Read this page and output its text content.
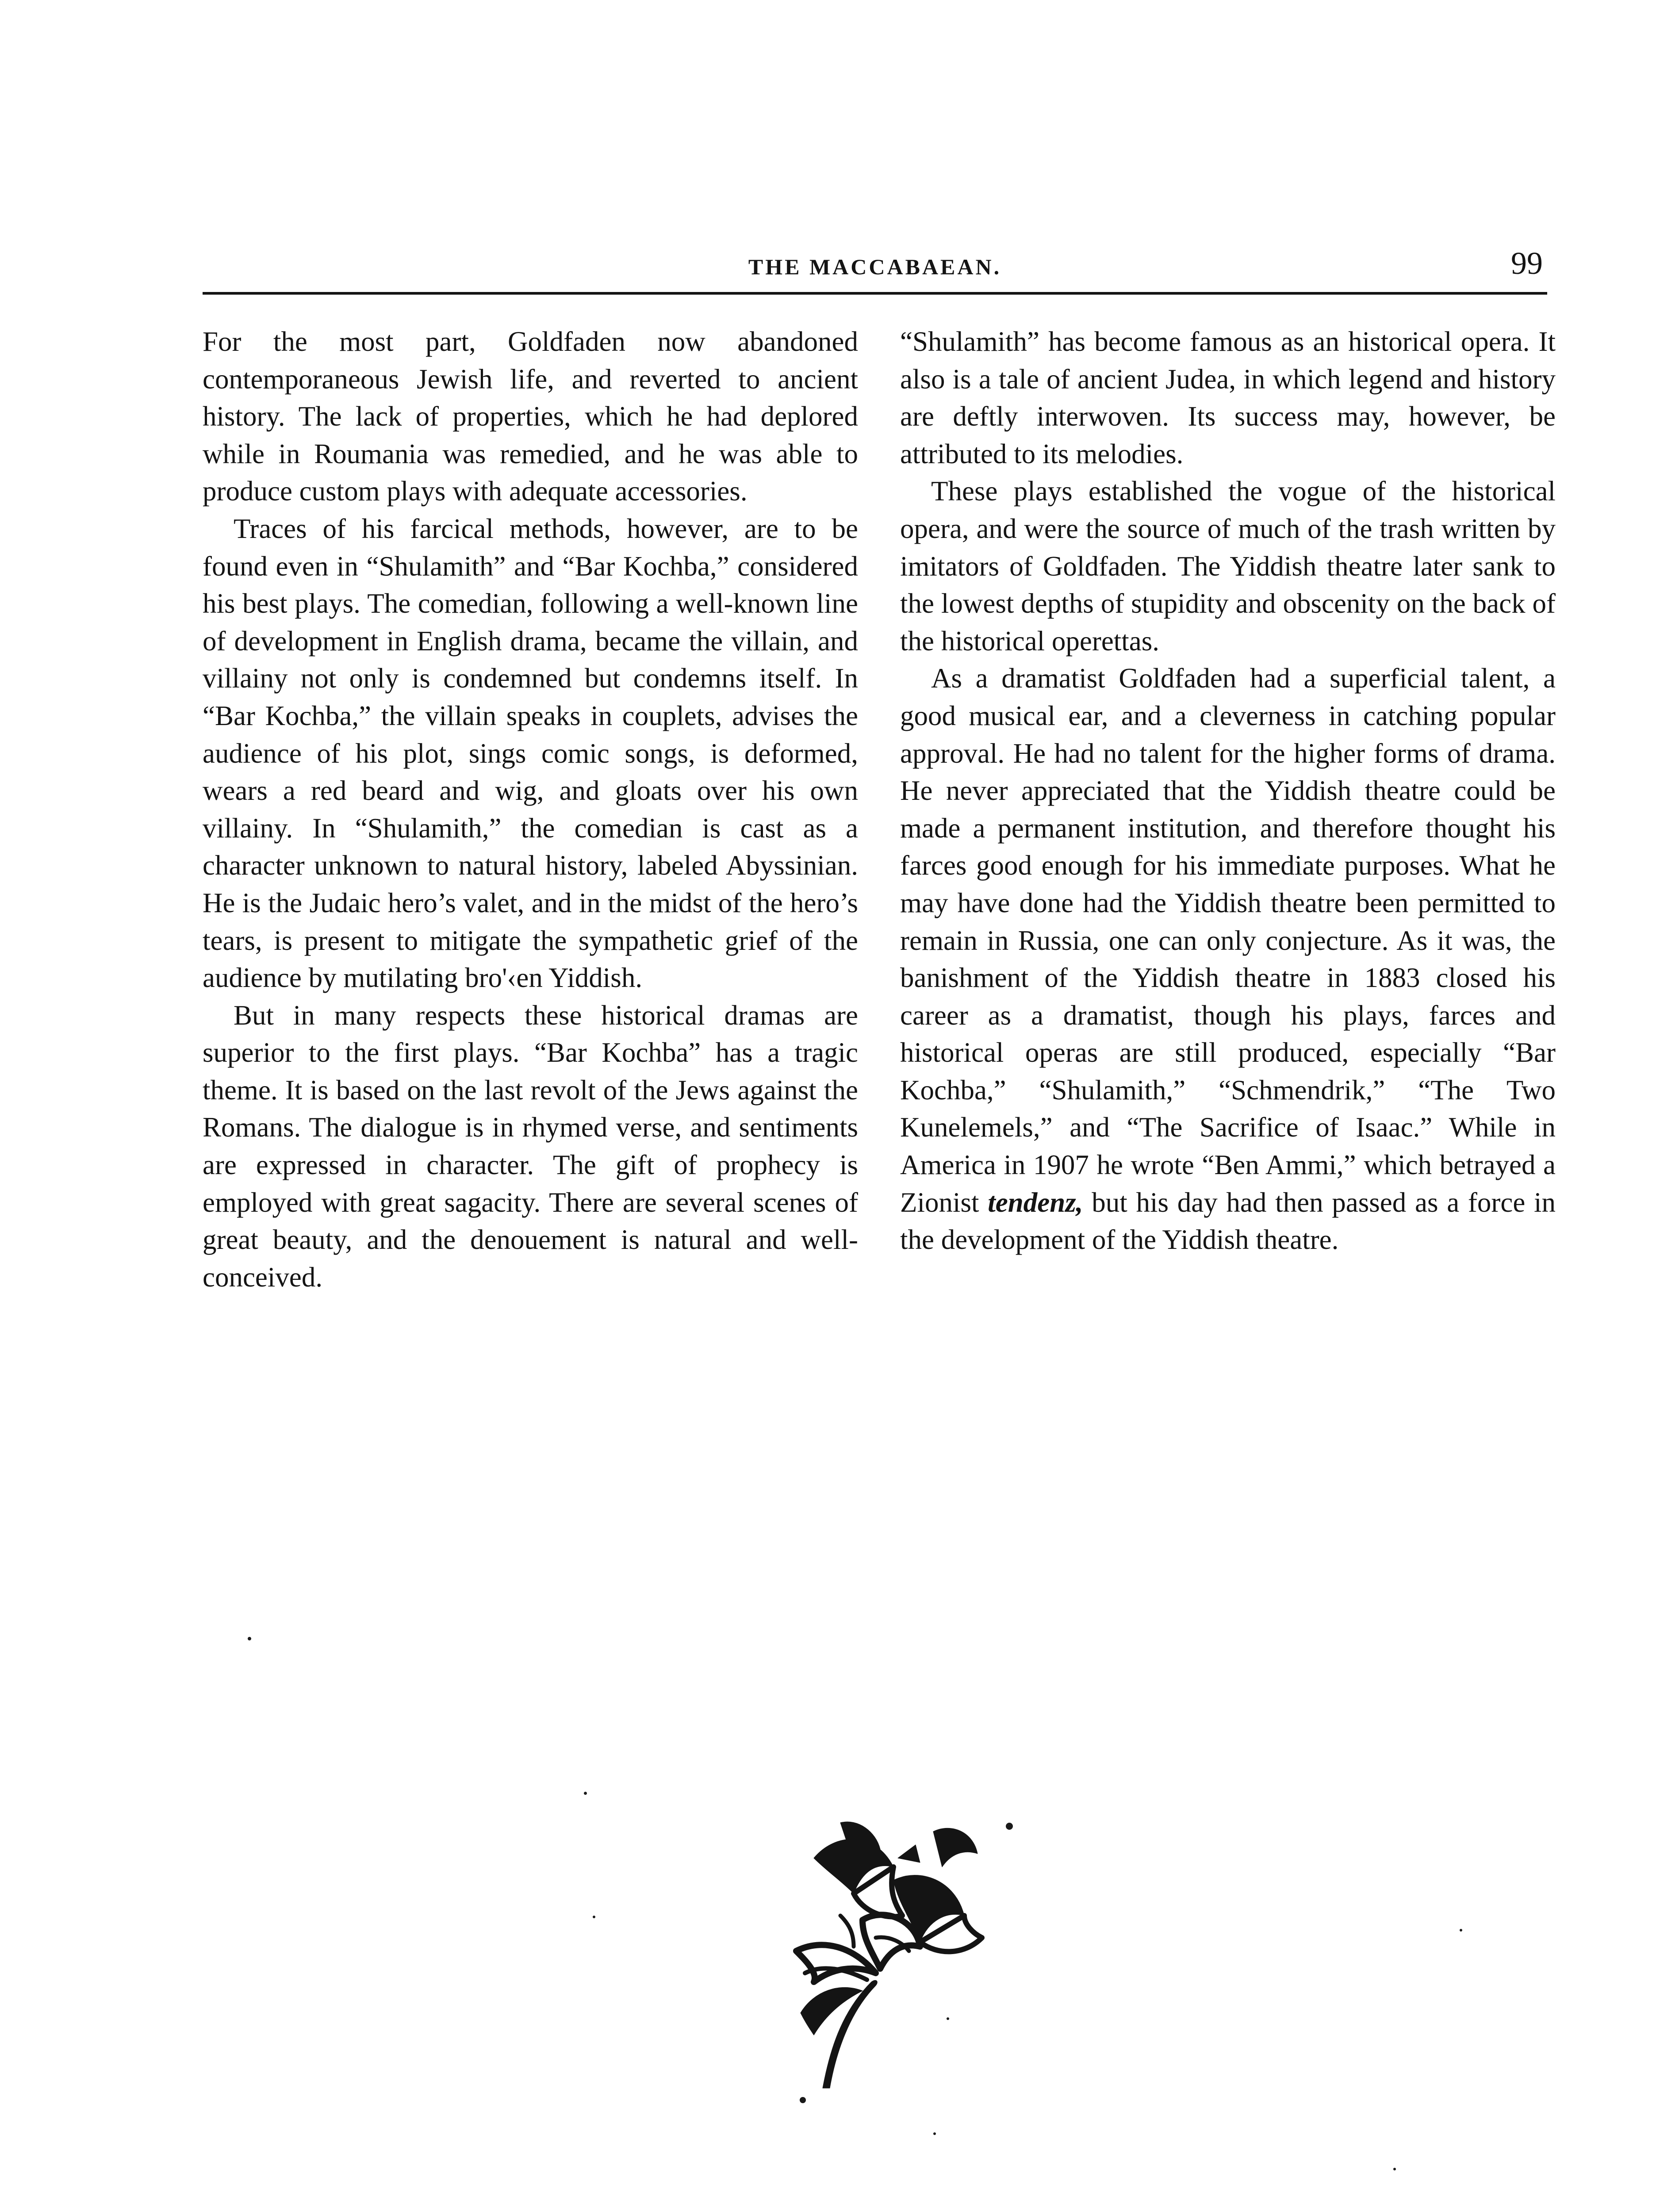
THE MACCABAEAN.	99

For the most part, Goldfaden now abandoned contemporaneous Jewish life, and reverted to ancient history. The lack of properties, which he had deplored while in Roumania was remedied, and he was able to produce custom plays with adequate accessories.

Traces of his farcical methods, however, are to be found even in “Shulamith” and “Bar Kochba,” considered his best plays. The comedian, following a well-known line of development in English drama, became the villain, and villainy not only is condemned but condemns itself. In “Bar Kochba,” the villain speaks in couplets, advises the audience of his plot, sings comic songs, is deformed, wears a red beard and wig, and gloats over his own villainy. In “Shulamith,” the comedian is cast as a character unknown to natural history, labeled Abyssinian. He is the Judaic hero’s valet, and in the midst of the hero’s tears, is present to mitigate the sympathetic grief of the audience by mutilating bro'‹en Yiddish.

But in many respects these historical dramas are superior to the first plays. “Bar Kochba” has a tragic theme. It is based on the last revolt of the Jews against the Romans. The dialogue is in rhymed verse, and sentiments are expressed in character. The gift of prophecy is employed with great sagacity. There are several scenes of great beauty, and the denouement is natural and well-conceived.

“Shulamith” has become famous as an historical opera. It also is a tale of ancient Judea, in which legend and history are deftly interwoven. Its success may, however, be attributed to its melodies.

These plays established the vogue of the historical opera, and were the source of much of the trash written by imitators of Goldfaden. The Yiddish theatre later sank to the lowest depths of stupidity and obscenity on the back of the historical operettas.

As a dramatist Goldfaden had a superficial talent, a good musical ear, and a cleverness in catching popular approval. He had no talent for the higher forms of drama. He never appreciated that the Yiddish theatre could be made a permanent institution, and therefore thought his farces good enough for his immediate purposes. What he may have done had the Yiddish theatre been permitted to remain in Russia, one can only conjecture. As it was, the banishment of the Yiddish theatre in 1883 closed his career as a dramatist, though his plays, farces and historical operas are still produced, especially “Bar Kochba,” “Shulamith,” “Schmendrik,” “The Two Kunelemels,” and “The Sacrifice of Isaac.” While in America in 1907 he wrote “Ben Ammi,” which betrayed a Zionist tendenz, but his day had then passed as a force in the development of the Yiddish theatre.
